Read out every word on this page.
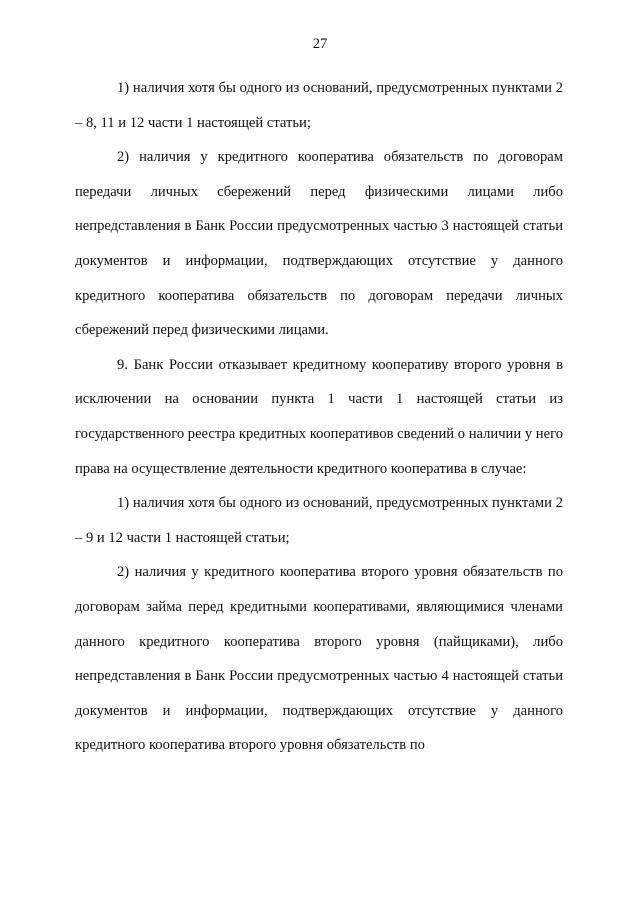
27

1) наличия хотя бы одного из оснований, предусмотренных пунктами 2 – 8, 11 и 12 части 1 настоящей статьи;

2) наличия у кредитного кооператива обязательств по договорам передачи личных сбережений перед физическими лицами либо непредставления в Банк России предусмотренных частью 3 настоящей статьи документов и информации, подтверждающих отсутствие у данного кредитного кооператива обязательств по договорам передачи личных сбережений перед физическими лицами.

9. Банк России отказывает кредитному кооперативу второго уровня в исключении на основании пункта 1 части 1 настоящей статьи из государственного реестра кредитных кооперативов сведений о наличии у него права на осуществление деятельности кредитного кооператива в случае:

1) наличия хотя бы одного из оснований, предусмотренных пунктами 2 – 9 и 12 части 1 настоящей статьи;

2) наличия у кредитного кооператива второго уровня обязательств по договорам займа перед кредитными кооперативами, являющимися членами данного кредитного кооператива второго уровня (пайщиками), либо непредставления в Банк России предусмотренных частью 4 настоящей статьи документов и информации, подтверждающих отсутствие у данного кредитного кооператива второго уровня обязательств по
